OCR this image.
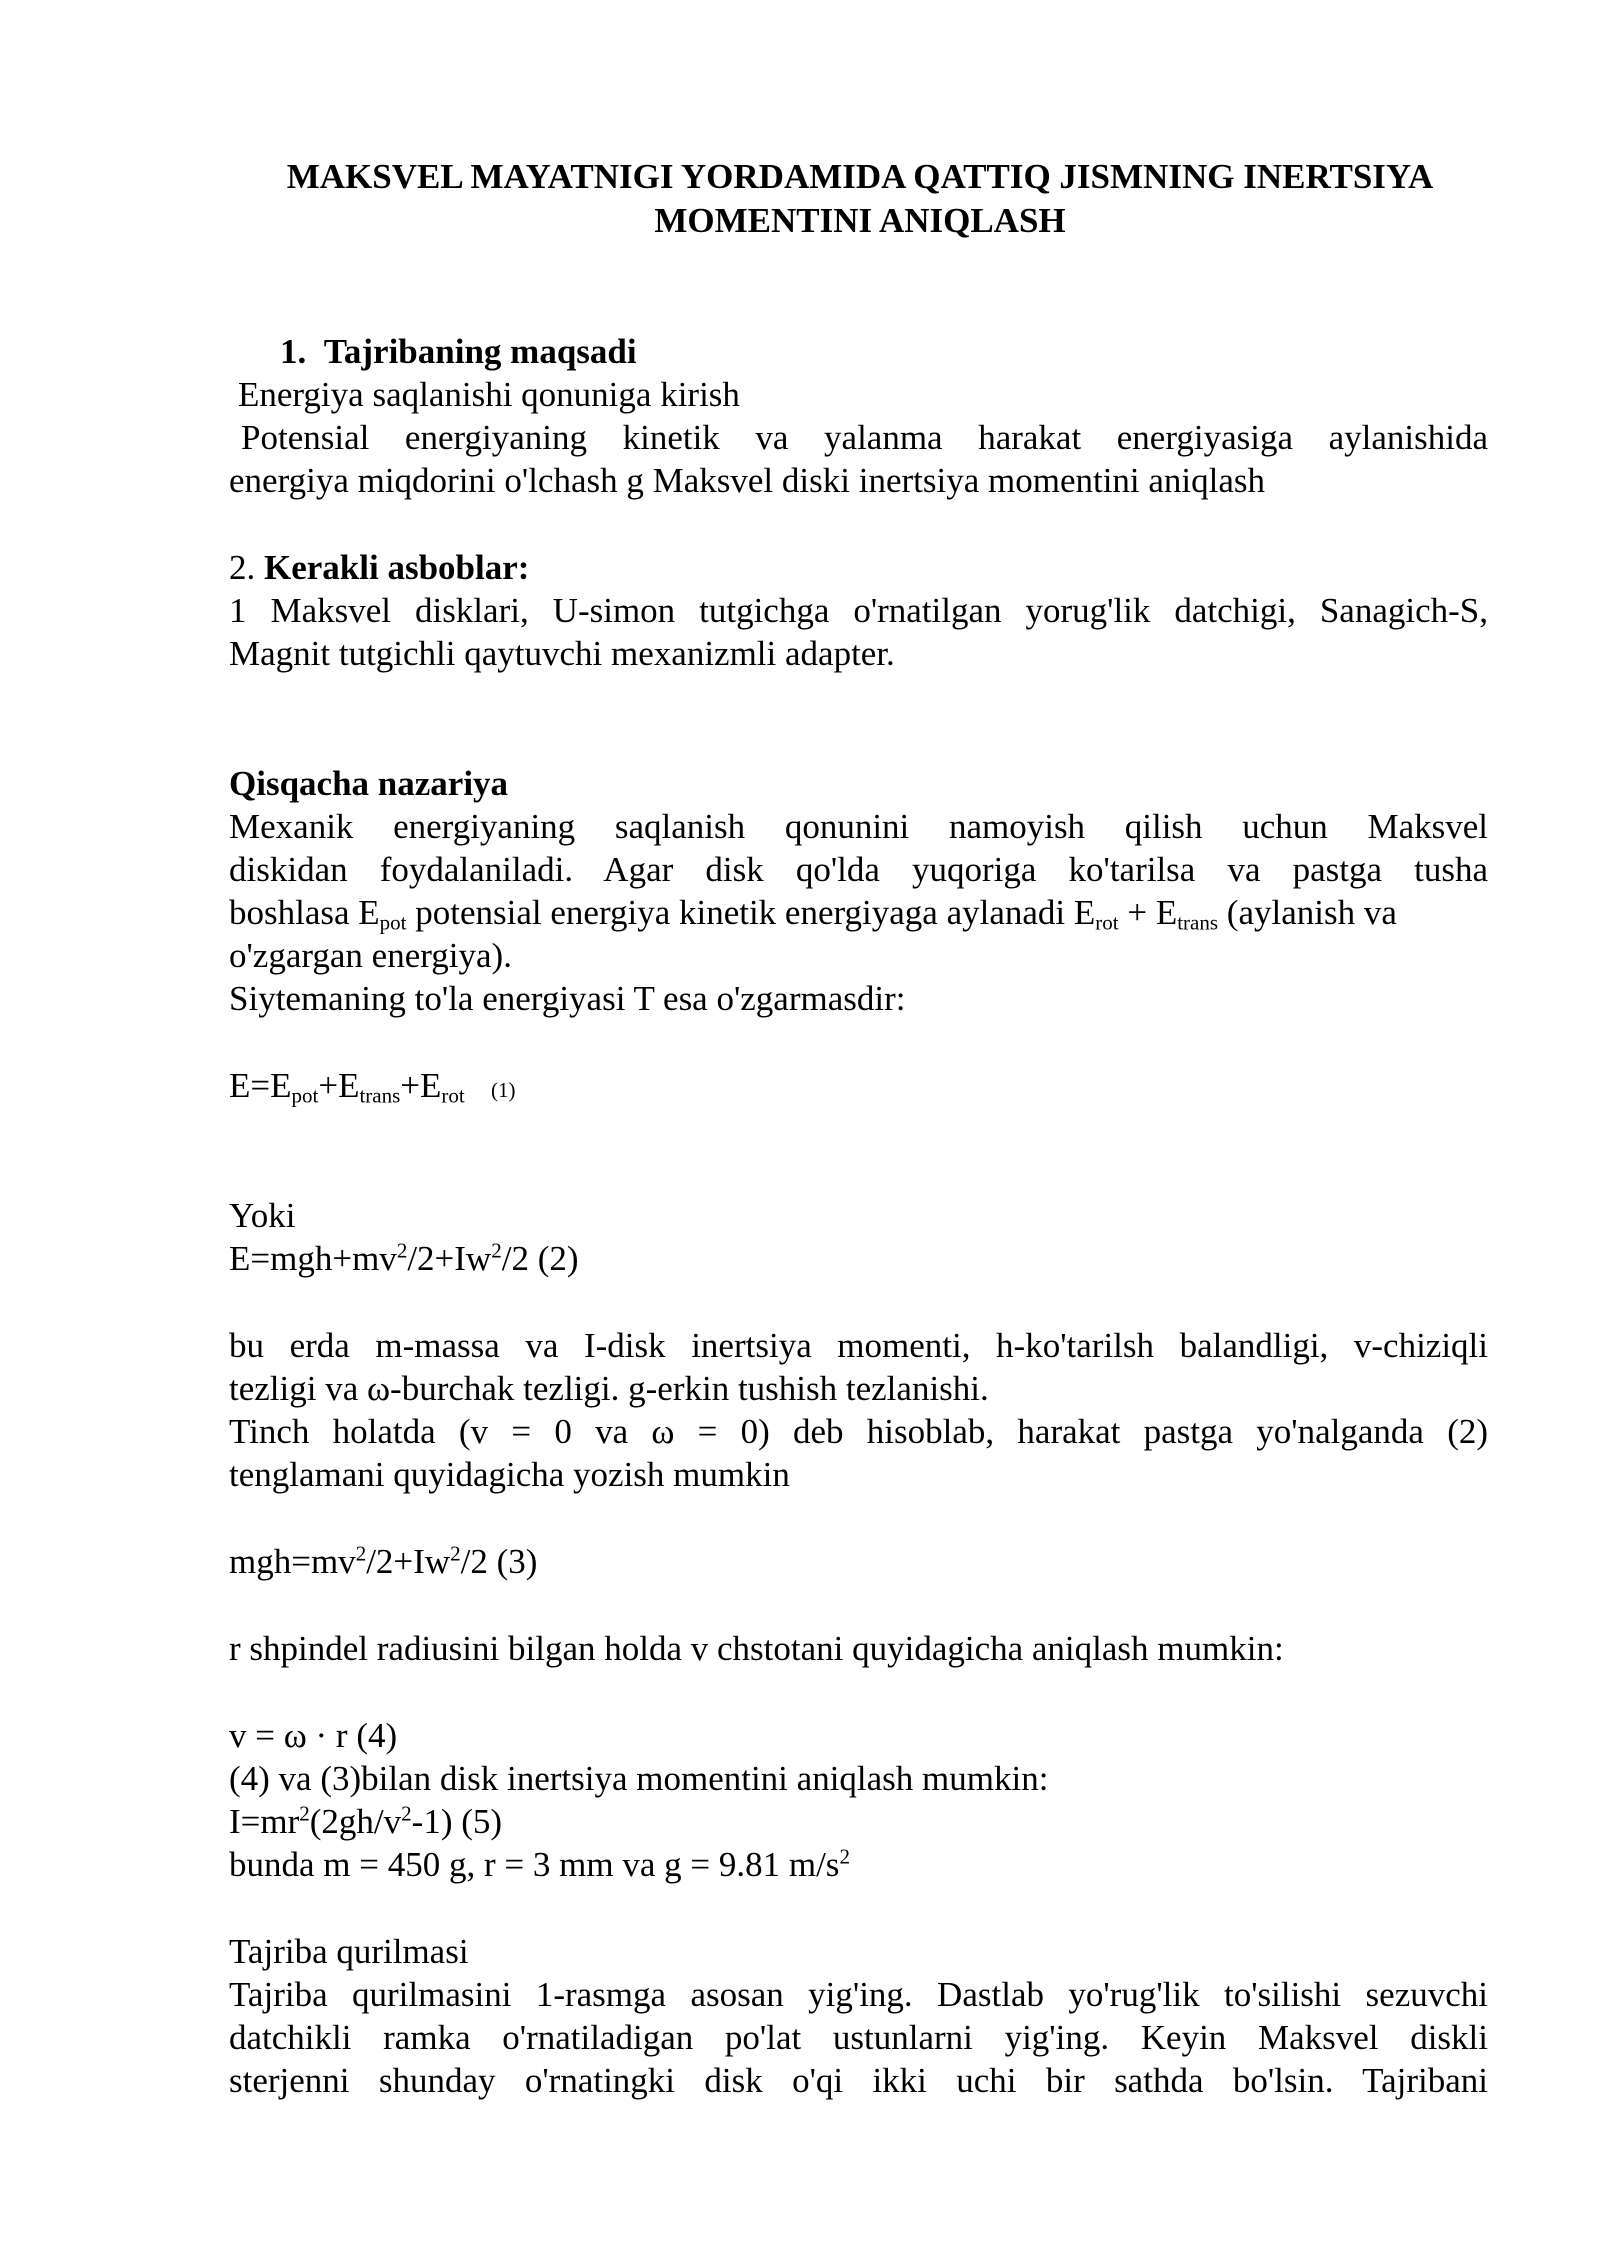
MAKSVEL MAYATNIGI YORDAMIDA QATTIQ JISMNING INERTSIYA
MOMENTINI ANIQLASH
1. Tajribaning maqsadi
Energiya saqlanishi qonuniga kirish
Potensial energiyaning kinetik va yalanma harakat energiyasiga aylanishida
energiya miqdorini o'lchash g Maksvel diski inertsiya momentini aniqlash
2. Kerakli asboblar:
1 Maksvel disklari, U-simon tutgichga o'rnatilgan yorug'lik datchigi, Sanagich-S,
Magnit tutgichli qaytuvchi mexanizmli adapter.
Qisqacha nazariya
Mexanik energiyaning saqlanish qonunini namoyish qilish uchun Maksvel
diskidan foydalaniladi. Agar disk qo'lda yuqoriga ko'tarilsa va pastga tusha
boshlasa $E_{pot}$ potensial energiya kinetik energiyaga aylanadi $E_{rot} + E_{trans}$ (aylanish va
o'zgargan energiya).
Siytemaning to'la energiyasi T esa o'zgarmasdir:
$E=E_{pot}+E_{trans}+E_{rot}$ (1)
Yoki
$E=mgh+mv^2/2+Iw^2/2$ (2)
bu erda m-massa va I-disk inertsiya momenti, h-ko'tarilsh balandligi, v-chiziqli
tezligi va ω-burchak tezligi. g-erkin tushish tezlanishi.
Tinch holatda (v = 0 va ω = 0) deb hisoblab, harakat pastga yo'nalganda (2)
tenglamani quyidagicha yozish mumkin
$mgh=mv^2/2+Iw^2/2$ (3)
r shpindel radiusini bilgan holda v chstotani quyidagicha aniqlash mumkin:
v = ω · r (4)
(4) va (3)bilan disk inertsiya momentini aniqlash mumkin:
$I=mr^2(2gh/v^2-1)$ (5)
bunda m = 450 g, r = 3 mm va g = 9.81 $m/s^2$
Tajriba qurilmasi
Tajriba qurilmasini 1-rasmga asosan yig'ing. Dastlab yo'rug'lik to'silishi sezuvchi
datchikli ramka o'rnatiladigan po'lat ustunlarni yig'ing. Keyin Maksvel diskli
sterjenni shunday o'rnatingki disk o'qi ikki uchi bir sathda bo'lsin. Tajribani
